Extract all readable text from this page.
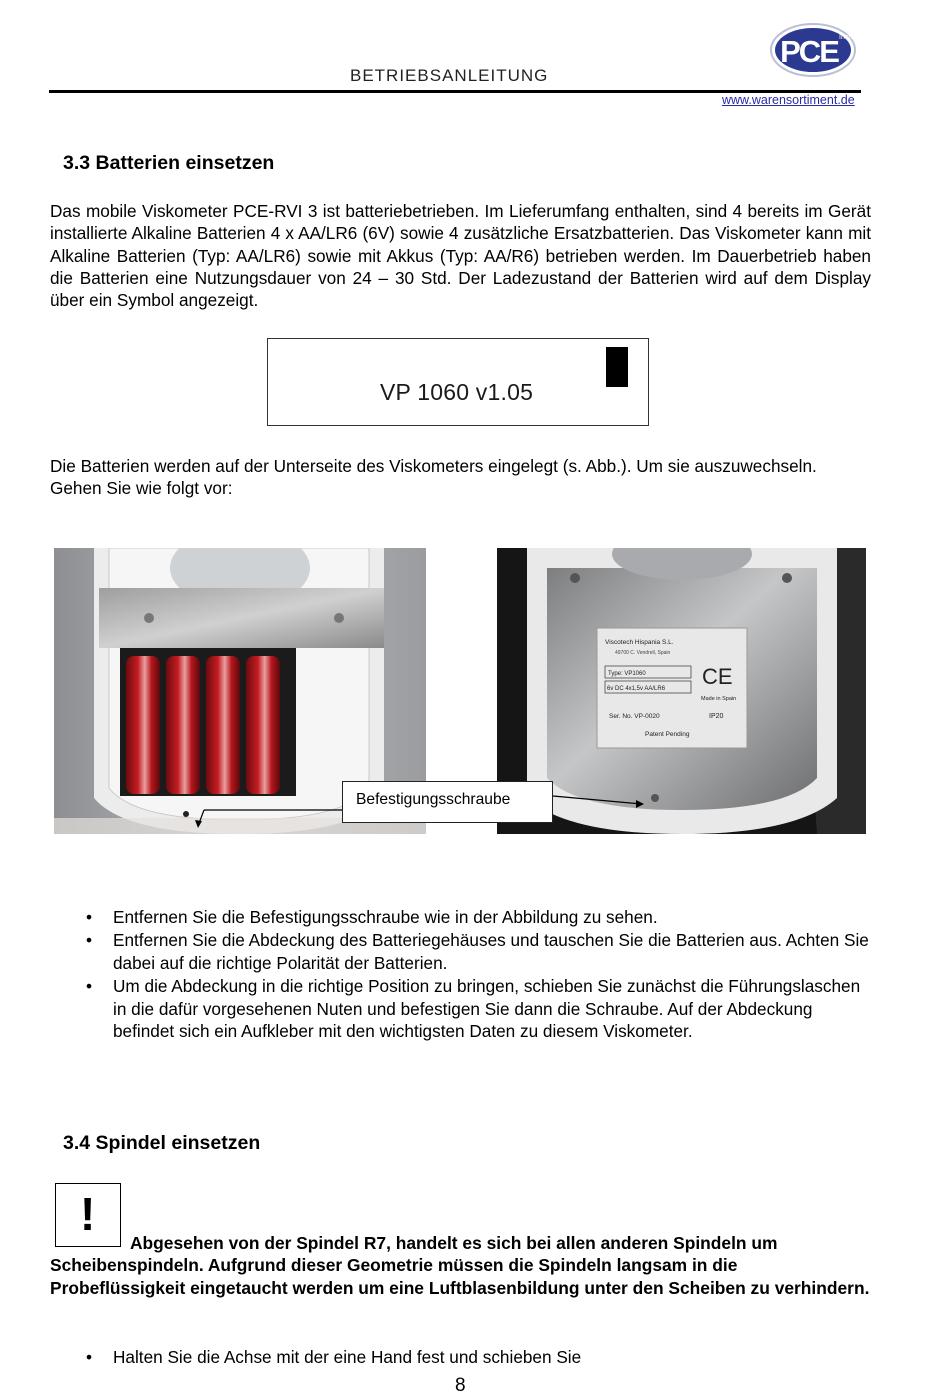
BETRIEBSANLEITUNG
PCE Inst.
www.warensortiment.de
3.3 Batterien einsetzen

Das mobile Viskometer PCE-RVI 3 ist batteriebetrieben. Im Lieferumfang enthalten, sind 4 bereits im Gerät installierte Alkaline Batterien 4 x AA/LR6 (6V) sowie 4 zusätzliche Ersatzbatterien. Das Viskometer kann mit Alkaline Batterien (Typ: AA/LR6) sowie mit Akkus (Typ: AA/R6) betrieben werden. Im Dauerbetrieb haben die Batterien eine Nutzungsdauer von 24 – 30 Std. Der Ladezustand der Batterien wird auf dem Display über ein Symbol angezeigt.

VP 1060 v1.05

Die Batterien werden auf der Unterseite des Viskometers eingelegt (s. Abb.). Um sie auszuwechseln. Gehen Sie wie folgt vor:

Viscotech Hispania S.L.
49700 C. Vendrell, Spain
Type: VP1060
6v DC 4x1,5v AA/LR6 CE
Made in Spain
Ser. No. VP-0020	IP20
Patent Pending
Befestigungsschraube
• Entfernen Sie die Befestigungsschraube wie in der Abbildung zu sehen.
• Entfernen Sie die Abdeckung des Batteriegehäuses und tauschen Sie die Batterien aus. Achten Sie dabei auf die richtige Polarität der Batterien.
• Um die Abdeckung in die richtige Position zu bringen, schieben Sie zunächst die Führungslaschen in die dafür vorgesehenen Nuten und befestigen Sie dann die Schraube. Auf der Abdeckung befindet sich ein Aufkleber mit den wichtigsten Daten zu diesem Viskometer.
3.4 Spindel einsetzen
!
Abgesehen von der Spindel R7, handelt es sich bei allen anderen Spindeln um Scheibenspindeln. Aufgrund dieser Geometrie müssen die Spindeln langsam in die Probeflüssigkeit eingetaucht werden um eine Luftblasenbildung unter den Scheiben zu verhindern.
• Halten Sie die Achse mit der eine Hand fest und schieben Sie
8
